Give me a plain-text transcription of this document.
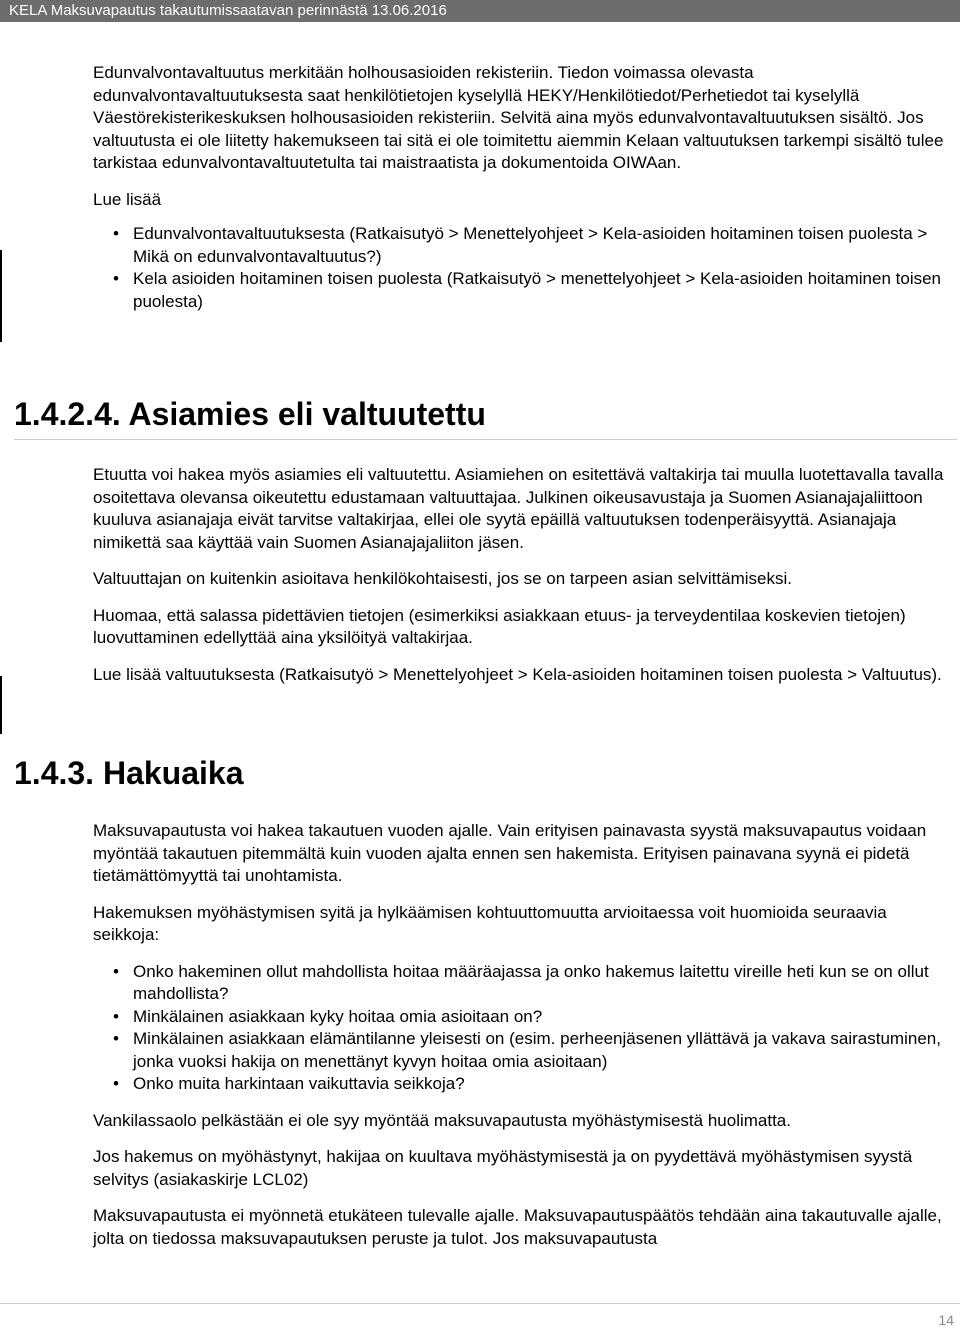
KELA Maksuvapautus takautumissaatavan perinnästä 13.06.2016

Edunvalvontavaltuutus merkitään holhousasioiden rekisteriin. Tiedon voimassa olevasta edunvalvontavaltuutuksesta saat henkilötietojen kyselyllä HEKY/Henkilötiedot/Perhetiedot tai kyselyllä Väestörekisterikeskuksen holhousasioiden rekisteriin. Selvitä aina myös edunvalvontavaltuutuksen sisältö. Jos valtuutusta ei ole liitetty hakemukseen tai sitä ei ole toimitettu aiemmin Kelaan valtuutuksen tarkempi sisältö tulee tarkistaa edunvalvontavaltuutetulta tai maistraatista ja dokumentoida OIWAan.

Lue lisää

• Edunvalvontavaltuutuksesta (Ratkaisutyö > Menettelyohjeet > Kela-asioiden hoitaminen toisen puolesta > Mikä on edunvalvontavaltuutus?)
• Kela asioiden hoitaminen toisen puolesta (Ratkaisutyö > menettelyohjeet > Kela-asioiden hoitaminen toisen puolesta)
1.4.2.4. Asiamies eli valtuutettu

Etuutta voi hakea myös asiamies eli valtuutettu. Asiamiehen on esitettävä valtakirja tai muulla luotettavalla tavalla osoitettava olevansa oikeutettu edustamaan valtuuttajaa. Julkinen oikeusavustaja ja Suomen Asianajajaliittoon kuuluva asianajaja eivät tarvitse valtakirjaa, ellei ole syytä epäillä valtuutuksen todenperäisyyttä. Asianajaja nimikettä saa käyttää vain Suomen Asianajajaliiton jäsen.

Valtuuttajan on kuitenkin asioitava henkilökohtaisesti, jos se on tarpeen asian selvittämiseksi.

Huomaa, että salassa pidettävien tietojen (esimerkiksi asiakkaan etuus- ja terveydentilaa koskevien tietojen) luovuttaminen edellyttää aina yksilöityä valtakirjaa.

Lue lisää valtuutuksesta (Ratkaisutyö > Menettelyohjeet > Kela-asioiden hoitaminen toisen puolesta > Valtuutus).

1.4.3. Hakuaika

Maksuvapautusta voi hakea takautuen vuoden ajalle. Vain erityisen painavasta syystä maksuvapautus voidaan myöntää takautuen pitemmältä kuin vuoden ajalta ennen sen hakemista. Erityisen painavana syynä ei pidetä tietämättömyyttä tai unohtamista.

Hakemuksen myöhästymisen syitä ja hylkäämisen kohtuuttomuutta arvioitaessa voit huomioida seuraavia seikkoja:

• Onko hakeminen ollut mahdollista hoitaa määräajassa ja onko hakemus laitettu vireille heti kun se on ollut mahdollista?
• Minkälainen asiakkaan kyky hoitaa omia asioitaan on?
• Minkälainen asiakkaan elämäntilanne yleisesti on (esim. perheenjäsenen yllättävä ja vakava sairastuminen, jonka vuoksi hakija on menettänyt kyvyn hoitaa omia asioitaan)
• Onko muita harkintaan vaikuttavia seikkoja?

Vankilassaolo pelkästään ei ole syy myöntää maksuvapautusta myöhästymisestä huolimatta.

Jos hakemus on myöhästynyt, hakijaa on kuultava myöhästymisestä ja on pyydettävä myöhästymisen syystä selvitys (asiakaskirje LCL02)

Maksuvapautusta ei myönnetä etukäteen tulevalle ajalle. Maksuvapautuspäätös tehdään aina takautuvalle ajalle, jolta on tiedossa maksuvapautuksen peruste ja tulot. Jos maksuvapautusta

14
